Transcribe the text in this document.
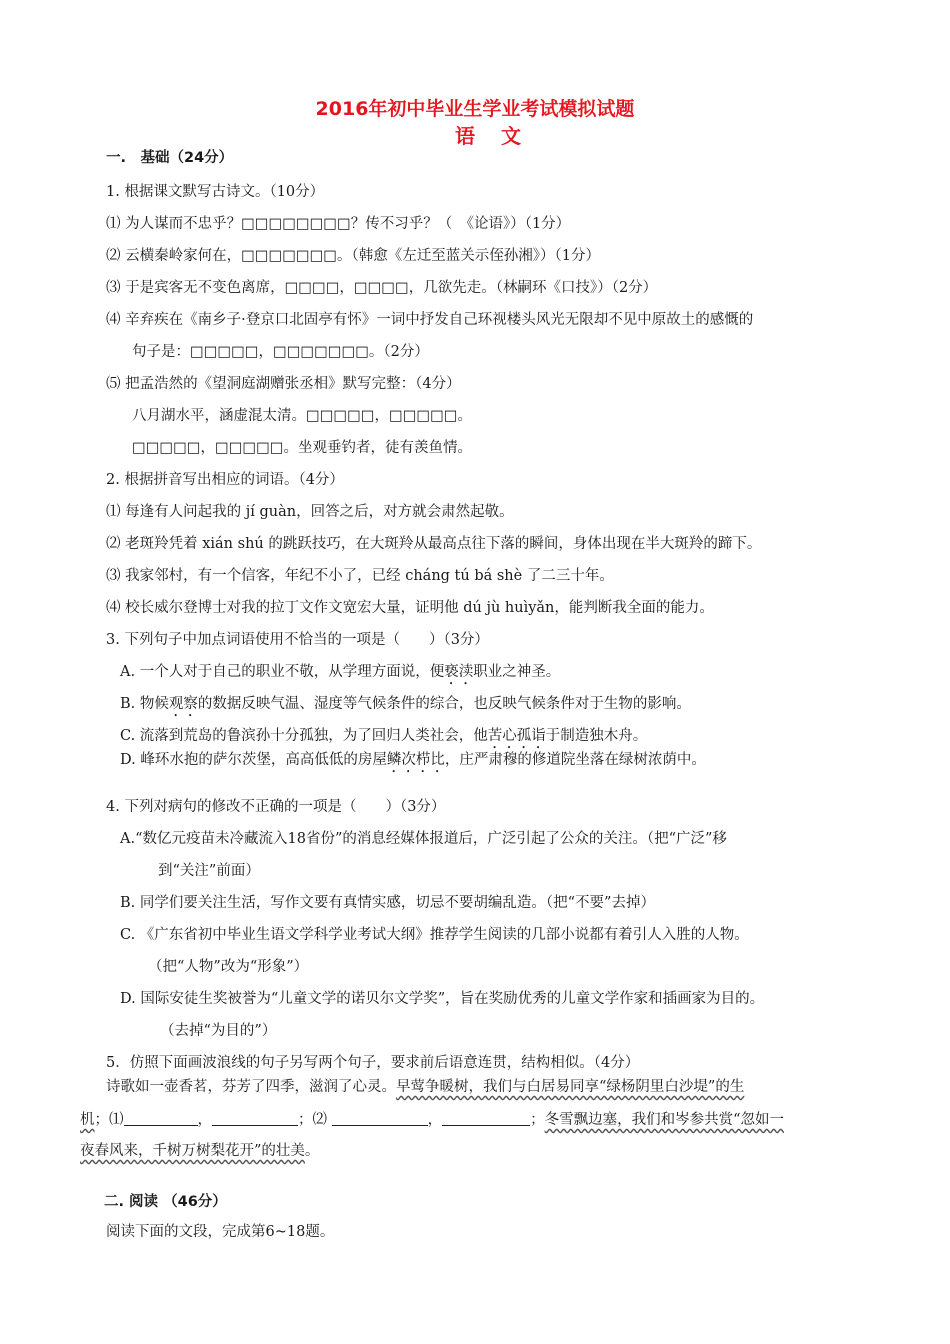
2016年初中毕业生学业考试模拟试题
语文
一.　基础（24分）
1. 根据课文默写古诗文。（10分）
⑴ 为人谋而不忠乎？□□□□□□□□？传不习乎？（　《论语》）（1分）
⑵ 云横秦岭家何在，□□□□□□□。（韩愈《左迁至蓝关示侄孙湘》）（1分）
⑶ 于是宾客无不变色离席，□□□□，□□□□，几欲先走。（林嗣环《口技》）（2分）
⑷ 辛弃疾在《南乡子·登京口北固亭有怀》一词中抒发自己环视楼头风光无限却不见中原故土的感慨的
句子是：□□□□□，□□□□□□□。（2分）
⑸ 把孟浩然的《望洞庭湖赠张丞相》默写完整：（4分）
八月湖水平，涵虚混太清。□□□□□，□□□□□。
□□□□□，□□□□□。坐观垂钓者，徒有羡鱼情。
2. 根据拼音写出相应的词语。（4分）
⑴ 每逢有人问起我的 jí guàn，回答之后，对方就会肃然起敬。
⑵ 老斑羚凭着 xián shú 的跳跃技巧，在大斑羚从最高点往下落的瞬间，身体出现在半大斑羚的蹄下。
⑶ 我家邻村，有一个信客，年纪不小了，已经 cháng tú bá shè 了二三十年。
⑷ 校长威尔登博士对我的拉丁文作文宽宏大量，证明他 dú jù huìyǎn，能判断我全面的能力。
3. 下列句子中加点词语使用不恰当的一项是（　　）（3分）
A. 一个人对于自己的职业不敬，从学理方面说，便亵渎职业之神圣。
B. 物候观察的数据反映气温、湿度等气候条件的综合，也反映气候条件对于生物的影响。
C. 流落到荒岛的鲁滨孙十分孤独，为了回归人类社会，他苦心孤诣于制造独木舟。
D. 峰环水抱的萨尔茨堡，高高低低的房屋鳞次栉比，庄严肃穆的修道院坐落在绿树浓荫中。
4. 下列对病句的修改不正确的一项是（　　）（3分）
A.“数亿元疫苗未冷藏流入18省份”的消息经媒体报道后，广泛引起了公众的关注。（把“广泛”移
到“关注”前面）
B. 同学们要关注生活，写作文要有真情实感，切忌不要胡编乱造。（把“不要”去掉）
C. 《广东省初中毕业生语文学科学业考试大纲》推荐学生阅读的几部小说都有着引人入胜的人物。
（把“人物”改为“形象”）
D. 国际安徒生奖被誉为“儿童文学的诺贝尔文学奖”，旨在奖励优秀的儿童文学作家和插画家为目的。
（去掉“为目的”）
5．仿照下面画波浪线的句子另写两个句子，要求前后语意连贯，结构相似。（4分）
诗歌如一壶香茗，芬芳了四季，滋润了心灵。早莺争暖树，我们与白居易同享“绿杨阴里白沙堤”的生
机；⑴	，	；⑵	，	；冬雪飘边塞，我们和岑参共赏“忽如一
夜春风来，千树万树梨花开”的壮美。
二. 阅读 （46分）
阅读下面的文段，完成第6~18题。
